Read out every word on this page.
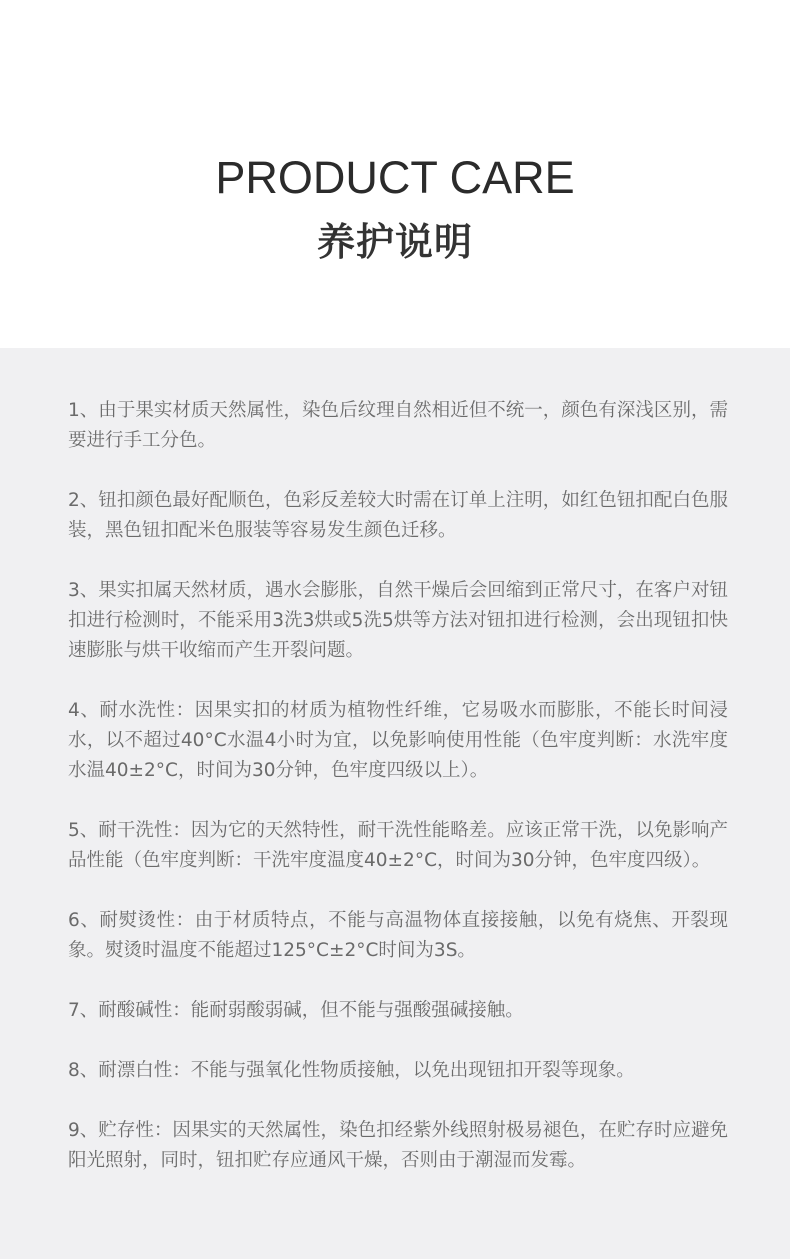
PRODUCT CARE
养护说明
1、由于果实材质天然属性，染色后纹理自然相近但不统一，颜色有深浅区别，需要进行手工分色。
2、钮扣颜色最好配顺色，色彩反差较大时需在订单上注明，如红色钮扣配白色服装，黑色钮扣配米色服装等容易发生颜色迁移。
3、果实扣属天然材质，遇水会膨胀，自然干燥后会回缩到正常尺寸，在客户对钮扣进行检测时，不能采用3洗3烘或5洗5烘等方法对钮扣进行检测，会出现钮扣快速膨胀与烘干收缩而产生开裂问题。
4、耐水洗性：因果实扣的材质为植物性纤维，它易吸水而膨胀，不能长时间浸水，以不超过40°C水温4小时为宜，以免影响使用性能（色牢度判断：水洗牢度水温40±2°C，时间为30分钟，色牢度四级以上）。
5、耐干洗性：因为它的天然特性，耐干洗性能略差。应该正常干洗，以免影响产品性能（色牢度判断：干洗牢度温度40±2°C，时间为30分钟，色牢度四级）。
6、耐熨烫性：由于材质特点，不能与高温物体直接接触，以免有烧焦、开裂现象。熨烫时温度不能超过125°C±2°C时间为3S。
7、耐酸碱性：能耐弱酸弱碱，但不能与强酸强碱接触。
8、耐漂白性：不能与强氧化性物质接触，以免出现钮扣开裂等现象。
9、贮存性：因果实的天然属性，染色扣经紫外线照射极易褪色，在贮存时应避免阳光照射，同时，钮扣贮存应通风干燥，否则由于潮湿而发霉。
